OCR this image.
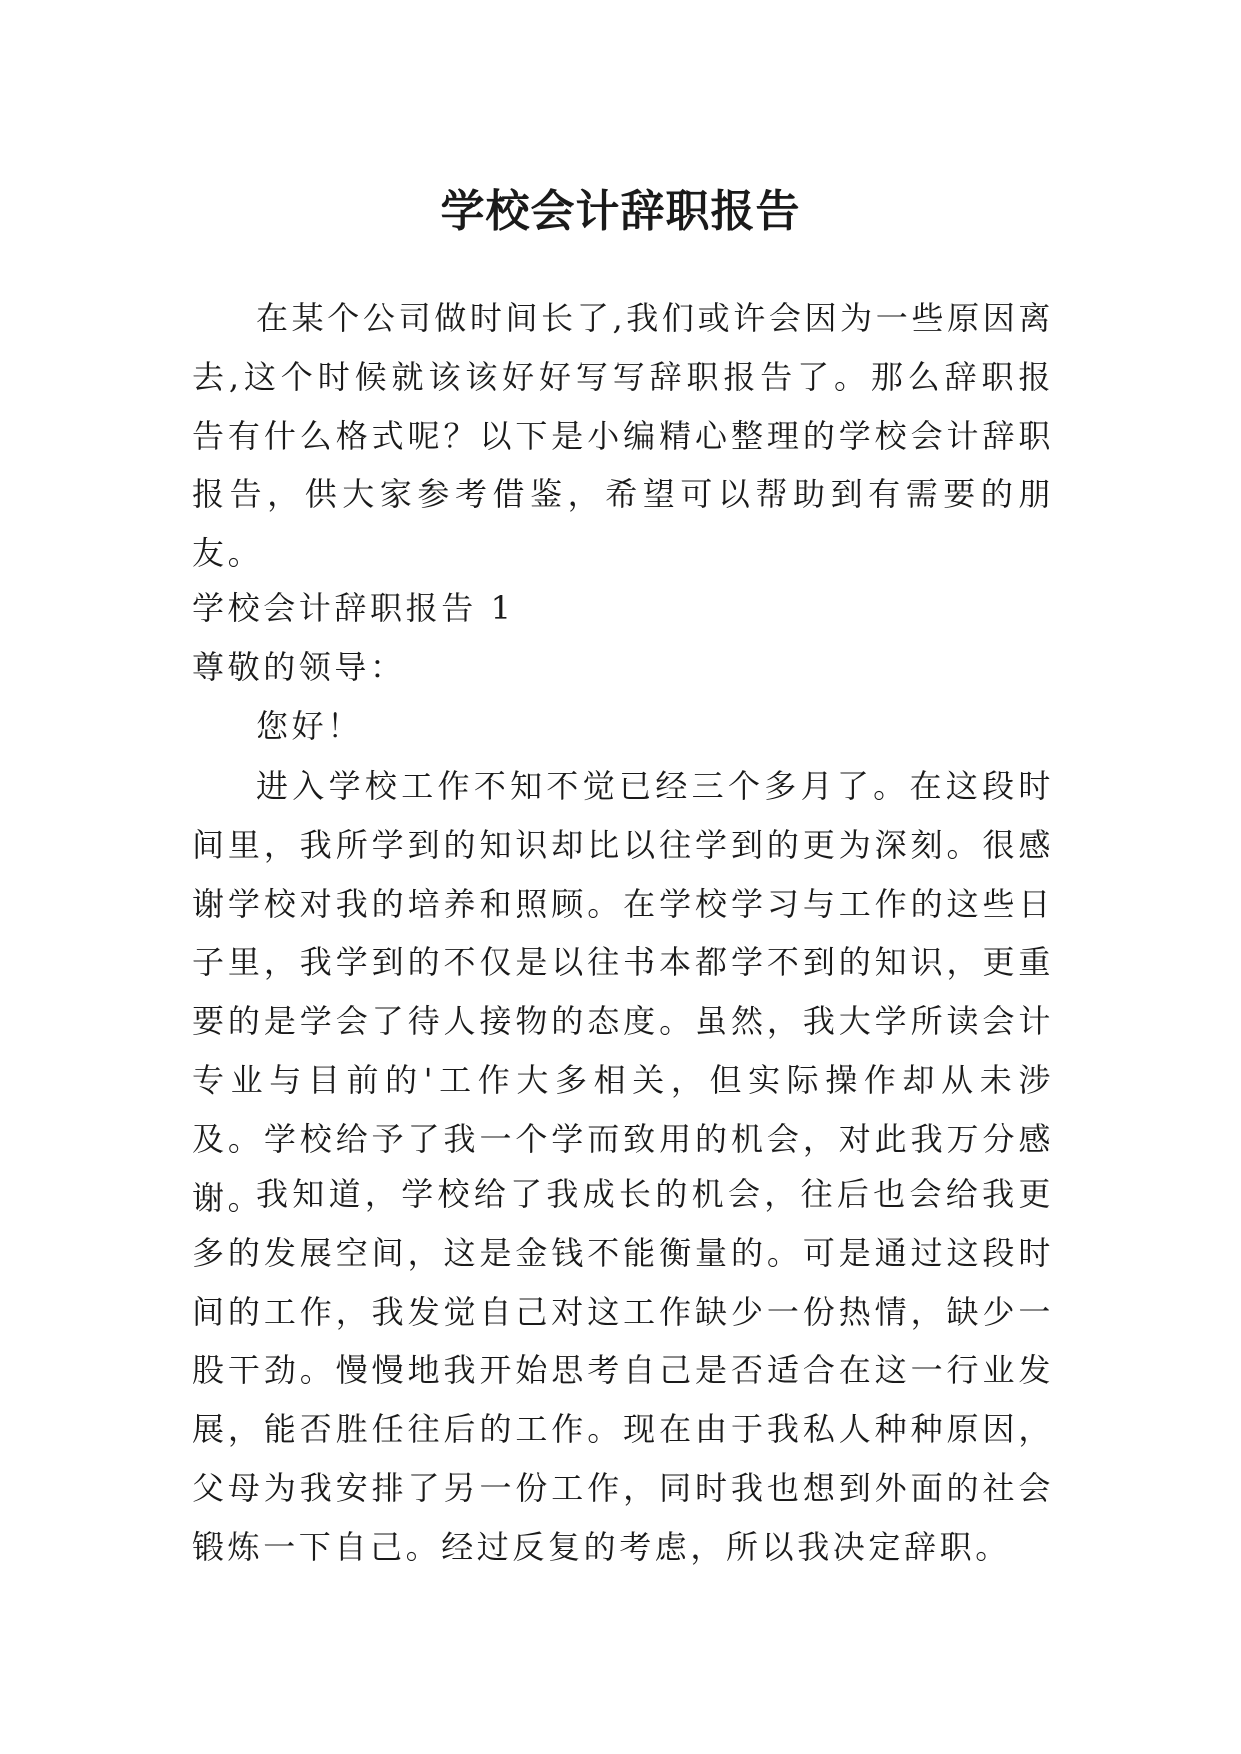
学校会计辞职报告

在某个公司做时间长了,我们或许会因为一些原因离去,这个时候就该该好好写写辞职报告了。那么辞职报告有什么格式呢？以下是小编精心整理的学校会计辞职报告，供大家参考借鉴，希望可以帮助到有需要的朋友。

学校会计辞职报告 1

尊敬的领导：

您好！

进入学校工作不知不觉已经三个多月了。在这段时间里，我所学到的知识却比以往学到的更为深刻。很感谢学校对我的培养和照顾。在学校学习与工作的这些日子里，我学到的不仅是以往书本都学不到的知识，更重要的是学会了待人接物的态度。虽然，我大学所读会计专业与目前的'工作大多相关，但实际操作却从未涉及。学校给予了我一个学而致用的机会，对此我万分感谢。

我知道，学校给了我成长的机会，往后也会给我更多的发展空间，这是金钱不能衡量的。可是通过这段时间的工作，我发觉自己对这工作缺少一份热情，缺少一股干劲。慢慢地我开始思考自己是否适合在这一行业发展，能否胜任往后的工作。现在由于我私人种种原因，父母为我安排了另一份工作，同时我也想到外面的社会锻炼一下自己。经过反复的考虑，所以我决定辞职。
